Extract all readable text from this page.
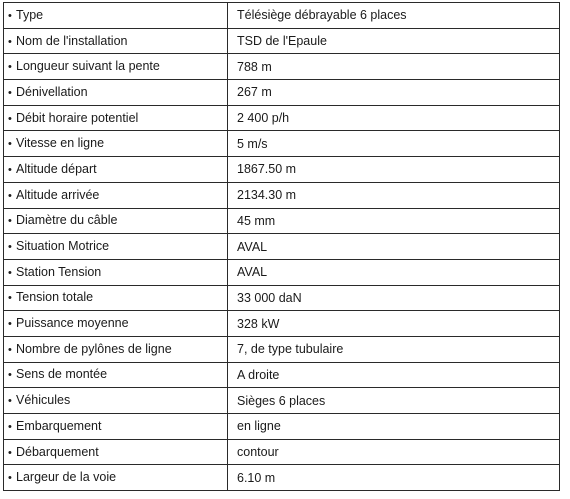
• Type	Télésiège débrayable 6 places
• Nom de l'installation	TSD de l'Epaule
• Longueur suivant la pente	788 m
• Dénivellation	267 m
• Débit horaire potentiel	2 400 p/h
• Vitesse en ligne	5 m/s
• Altitude départ	1867.50 m
• Altitude arrivée	2134.30 m
• Diamètre du câble	45 mm
• Situation Motrice	AVAL
• Station Tension	AVAL
• Tension totale	33 000 daN
• Puissance moyenne	328 kW
• Nombre de pylônes de ligne	7, de type tubulaire
• Sens de montée	A droite
• Véhicules	Sièges 6 places
• Embarquement	en ligne
• Débarquement	contour
• Largeur de la voie	6.10 m
